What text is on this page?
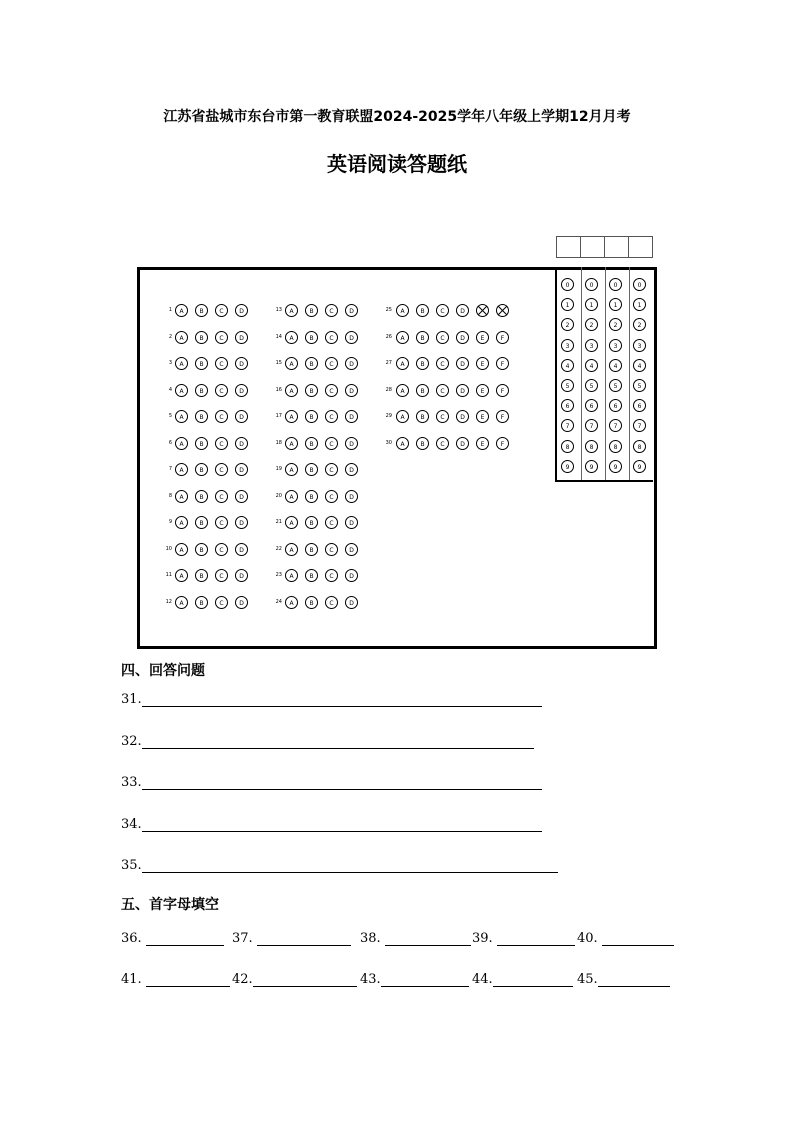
江苏省盐城市东台市第一教育联盟2024-2025学年八年级上学期12月月考
英语阅读答题纸
1	A	B	C	D
2	A	B	C	D
3	A	B	C	D
4	A	B	C	D
5	A	B	C	D
6	A	B	C	D
7	A	B	C	D
8	A	B	C	D
9	A	B	C	D
10	A	B	C	D
11	A	B	C	D
12	A	B	C	D
13	A	B	C	D
14	A	B	C	D
15	A	B	C	D
16	A	B	C	D
17	A	B	C	D
18	A	B	C	D
19	A	B	C	D
20	A	B	C	D
21	A	B	C	D
22	A	B	C	D
23	A	B	C	D
24	A	B	C	D
25	A	B	C	D
26	A	B	C	D	E	F
27	A	B	C	D	E	F
28	A	B	C	D	E	F
29	A	B	C	D	E	F
30	A	B	C	D	E	F
0	0	0	0
1	1	1	1
2	2	2	2
3	3	3	3
4	4	4	4
5	5	5	5
6	6	6	6
7	7	7	7
8	8	8	8
9	9	9	9
四、回答问题
31.
32.
33.
34.
35.
五、首字母填空
36.	37.	38.	39.	40.
41.	42.	43.	44.	45.
